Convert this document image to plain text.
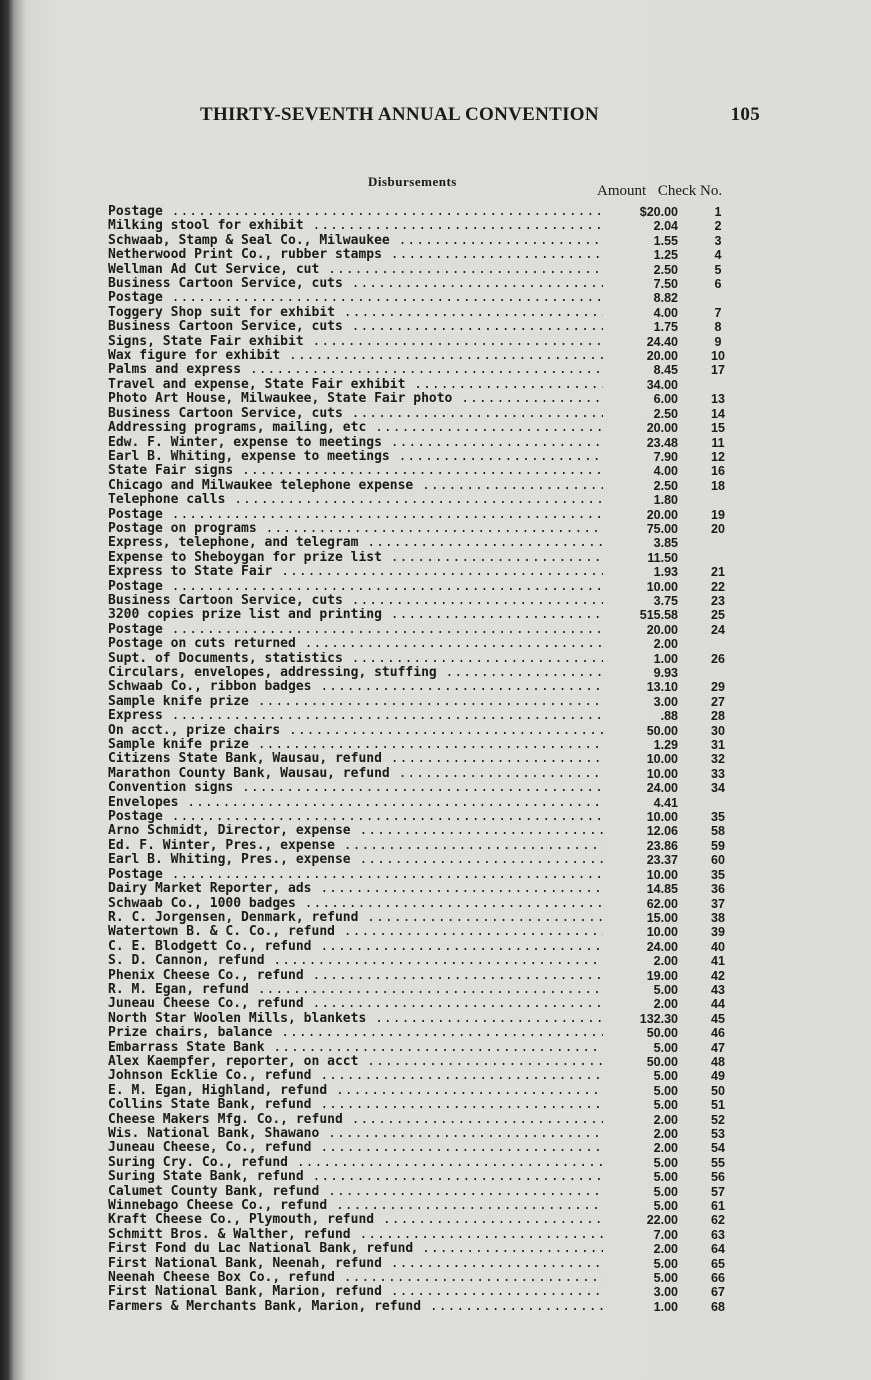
THIRTY-SEVENTH ANNUAL CONVENTION	105
Disbursements
Amount Check No.
Postage .....	$20.00	1
Milking stool for exhibit .....	2.04	2
Schwaab, Stamp & Seal Co., Milwaukee .....	1.55	3
Netherwood Print Co., rubber stamps .....	1.25	4
Wellman Ad Cut Service, cut .....	2.50	5
Business Cartoon Service, cuts .....	7.50	6
Postage .....	8.82
Toggery Shop suit for exhibit .....	4.00	7
Business Cartoon Service, cuts .....	1.75	8
Signs, State Fair exhibit .....	24.40	9
Wax figure for exhibit .....	20.00	10
Palms and express .....	8.45	17
Travel and expense, State Fair exhibit .....	34.00
Photo Art House, Milwaukee, State Fair photo .....	6.00	13
Business Cartoon Service, cuts .....	2.50	14
Addressing programs, mailing, etc .....	20.00	15
Edw. F. Winter, expense to meetings .....	23.48	11
Earl B. Whiting, expense to meetings .....	7.90	12
State Fair signs .....	4.00	16
Chicago and Milwaukee telephone expense .....	2.50	18
Telephone calls .....	1.80
Postage .....	20.00	19
Postage on programs .....	75.00	20
Express, telephone, and telegram .....	3.85
Expense to Sheboygan for prize list .....	11.50
Express to State Fair .....	1.93	21
Postage .....	10.00	22
Business Cartoon Service, cuts .....	3.75	23
3200 copies prize list and printing .....	515.58	25
Postage .....	20.00	24
Postage on cuts returned .....	2.00
Supt. of Documents, statistics .....	1.00	26
Circulars, envelopes, addressing, stuffing .....	9.93
Schwaab Co., ribbon badges .....	13.10	29
Sample knife prize .....	3.00	27
Express .....	.88	28
On acct., prize chairs .....	50.00	30
Sample knife prize .....	1.29	31
Citizens State Bank, Wausau, refund .....	10.00	32
Marathon County Bank, Wausau, refund .....	10.00	33
Convention signs .....	24.00	34
Envelopes .....	4.41
Postage .....	10.00	35
Arno Schmidt, Director, expense .....	12.06	58
Ed. F. Winter, Pres., expense .....	23.86	59
Earl B. Whiting, Pres., expense .....	23.37	60
Postage .....	10.00	35
Dairy Market Reporter, ads .....	14.85	36
Schwaab Co., 1000 badges .....	62.00	37
R. C. Jorgensen, Denmark, refund .....	15.00	38
Watertown B. & C. Co., refund .....	10.00	39
C. E. Blodgett Co., refund .....	24.00	40
S. D. Cannon, refund .....	2.00	41
Phenix Cheese Co., refund .....	19.00	42
R. M. Egan, refund .....	5.00	43
Juneau Cheese Co., refund .....	2.00	44
North Star Woolen Mills, blankets .....	132.30	45
Prize chairs, balance .....	50.00	46
Embarrass State Bank .....	5.00	47
Alex Kaempfer, reporter, on acct .....	50.00	48
Johnson Ecklie Co., refund .....	5.00	49
E. M. Egan, Highland, refund .....	5.00	50
Collins State Bank, refund .....	5.00	51
Cheese Makers Mfg. Co., refund .....	2.00	52
Wis. National Bank, Shawano .....	2.00	53
Juneau Cheese, Co., refund .....	2.00	54
Suring Cry. Co., refund .....	5.00	55
Suring State Bank, refund .....	5.00	56
Calumet County Bank, refund .....	5.00	57
Winnebago Cheese Co., refund .....	5.00	61
Kraft Cheese Co., Plymouth, refund .....	22.00	62
Schmitt Bros. & Walther, refund .....	7.00	63
First Fond du Lac National Bank, refund .....	2.00	64
First National Bank, Neenah, refund .....	5.00	65
Neenah Cheese Box Co., refund .....	5.00	66
First National Bank, Marion, refund .....	3.00	67
Farmers & Merchants Bank, Marion, refund .....	1.00	68
